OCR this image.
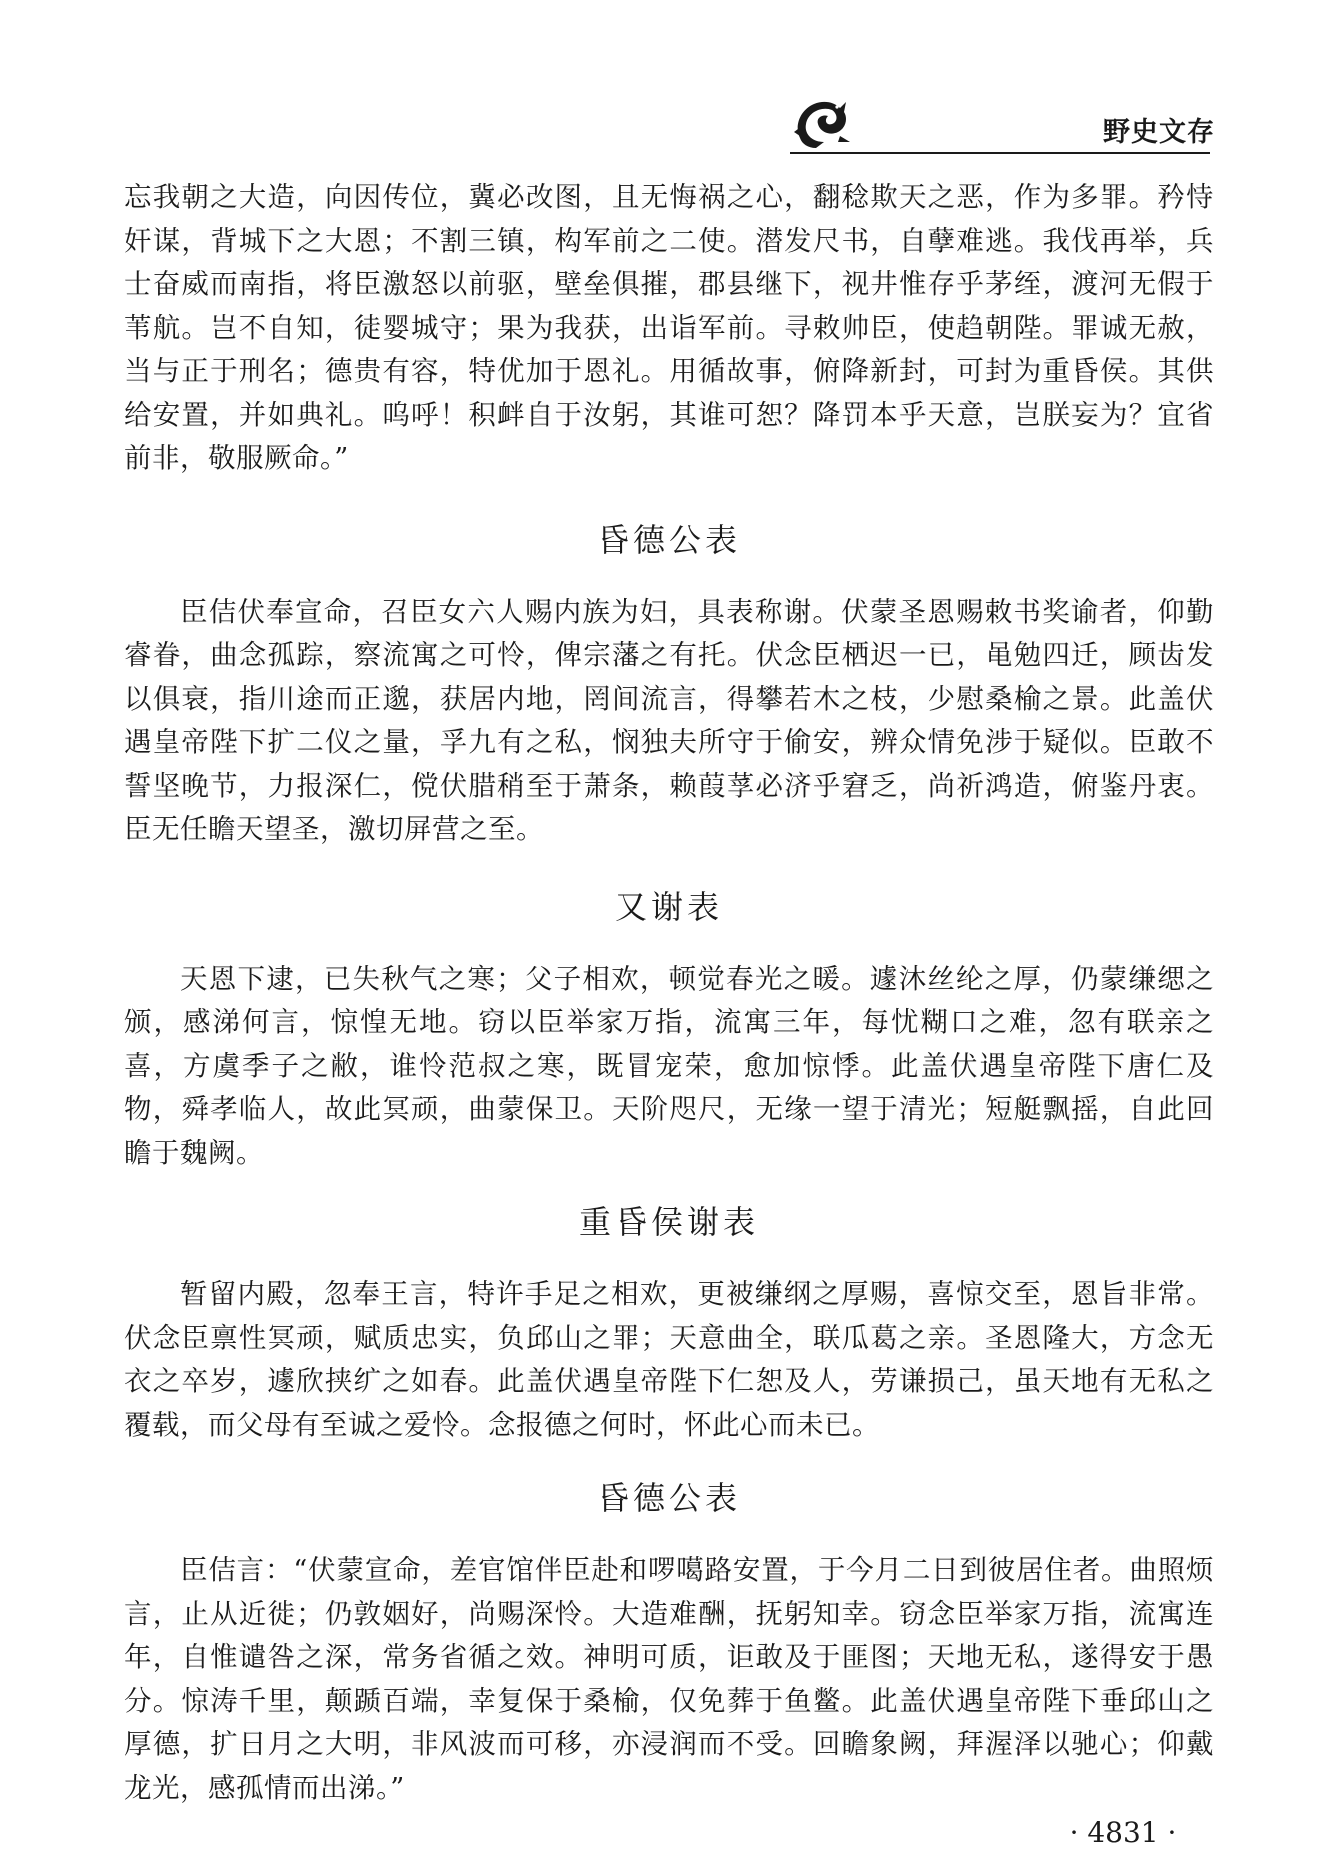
野史文存

忘我朝之大造，向因传位，冀必改图，且无悔祸之心，翻稔欺天之恶，作为多罪。矜恃奸谋，背城下之大恩；不割三镇，构军前之二使。潜发尺书，自孽难逃。我伐再举，兵士奋威而南指，将臣激怒以前驱，壁垒俱摧，郡县继下，视井惟存乎茅绖，渡河无假于苇航。岂不自知，徒婴城守；果为我获，出诣军前。寻敕帅臣，使趋朝陛。罪诚无赦，当与正于刑名；德贵有容，特优加于恩礼。用循故事，俯降新封，可封为重昏侯。其供给安置，并如典礼。呜呼！积衅自于汝躬，其谁可恕？降罚本乎天意，岂朕妄为？宜省前非，敬服厥命。”

昏德公表

臣佶伏奉宣命，召臣女六人赐内族为妇，具表称谢。伏蒙圣恩赐敕书奖谕者，仰勤睿眷，曲念孤踪，察流寓之可怜，俾宗藩之有托。伏念臣栖迟一已，黾勉四迁，顾齿发以俱衰，指川途而正邈，获居内地，罔间流言，得攀若木之枝，少慰桑榆之景。此盖伏遇皇帝陛下扩二仪之量，孚九有之私，悯独夫所守于偷安，辨众情免涉于疑似。臣敢不誓坚晚节，力报深仁，傥伏腊稍至于萧条，赖葭莩必济乎窘乏，尚祈鸿造，俯鉴丹衷。臣无任瞻天望圣，激切屏营之至。

又谢表

天恩下逮，已失秋气之寒；父子相欢，顿觉春光之暖。遽沐丝纶之厚，仍蒙缣缌之颁，感涕何言，惊惶无地。窃以臣举家万指，流寓三年，每忧糊口之难，忽有联亲之喜，方虞季子之敝，谁怜范叔之寒，既冒宠荣，愈加惊悸。此盖伏遇皇帝陛下唐仁及物，舜孝临人，故此冥顽，曲蒙保卫。天阶咫尺，无缘一望于清光；短艇飘摇，自此回瞻于魏阙。

重昏侯谢表

暂留内殿，忽奉王言，特许手足之相欢，更被缣纲之厚赐，喜惊交至，恩旨非常。伏念臣禀性冥顽，赋质忠实，负邱山之罪；天意曲全，联瓜葛之亲。圣恩隆大，方念无衣之卒岁，遽欣挟纩之如春。此盖伏遇皇帝陛下仁恕及人，劳谦损己，虽天地有无私之覆载，而父母有至诚之爱怜。念报德之何时，怀此心而未已。

昏德公表

臣佶言：“伏蒙宣命，差官馆伴臣赴和啰噶路安置，于今月二日到彼居住者。曲照烦言，止从近徙；仍敦姻好，尚赐深怜。大造难酬，抚躬知幸。窃念臣举家万指，流寓连年，自惟谴咎之深，常务省循之效。神明可质，讵敢及于匪图；天地无私，遂得安于愚分。惊涛千里，颠踬百端，幸复保于桑榆，仅免葬于鱼鳖。此盖伏遇皇帝陛下垂邱山之厚德，扩日月之大明，非风波而可移，亦浸润而不受。回瞻象阙，拜渥泽以驰心；仰戴龙光，感孤情而出涕。”

· 4831 ·
